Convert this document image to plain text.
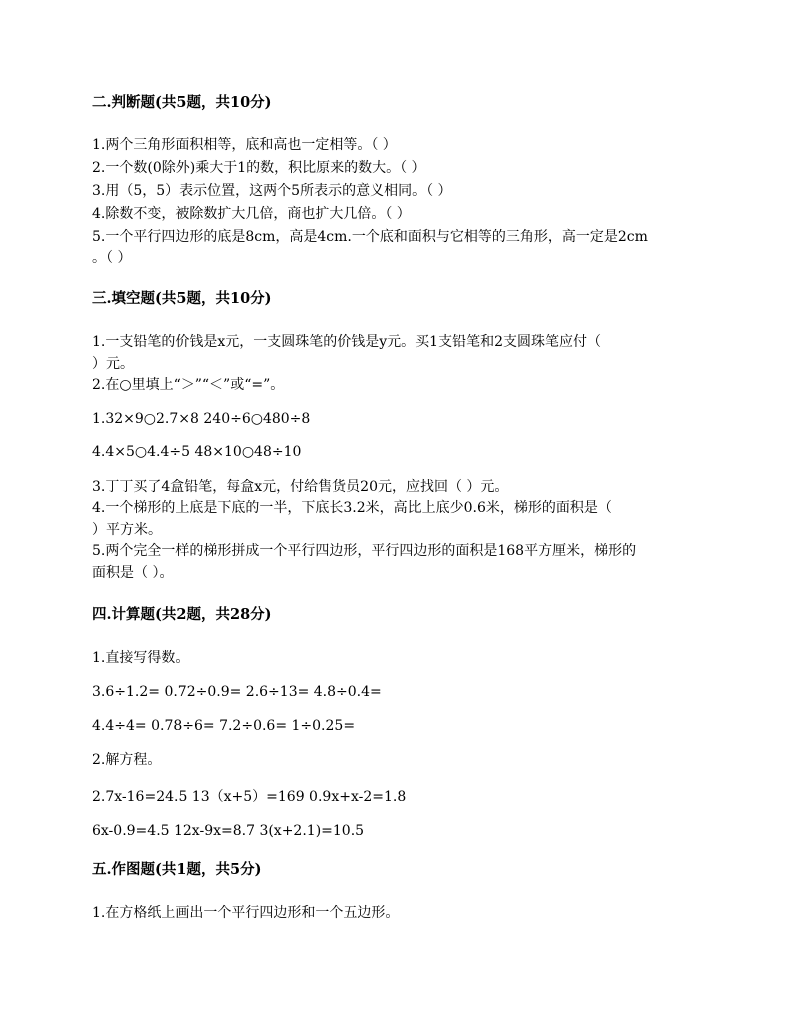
二.判断题(共5题，共10分)
1.两个三角形面积相等，底和高也一定相等。（ ）
2.一个数(0除外)乘大于1的数，积比原来的数大。（ ）
3.用（5，5）表示位置，这两个5所表示的意义相同。（ ）
4.除数不变，被除数扩大几倍，商也扩大几倍。（ ）
5.一个平行四边形的底是8cm，高是4cm.一个底和面积与它相等的三角形，高一定是2cm
。（ ）
三.填空题(共5题，共10分)
1.一支铅笔的价钱是x元，一支圆珠笔的价钱是y元。买1支铅笔和2支圆珠笔应付（
）元。
2.在○里填上“＞”“＜”或“=”。
1.32×9○2.7×8 240÷6○480÷8
4.4×5○4.4÷5 48×10○48÷10
3.丁丁买了4盒铅笔，每盒x元，付给售货员20元，应找回（ ）元。
4.一个梯形的上底是下底的一半，下底长3.2米，高比上底少0.6米，梯形的面积是（
）平方米。
5.两个完全一样的梯形拼成一个平行四边形，平行四边形的面积是168平方厘米，梯形的
面积是（ ）。
四.计算题(共2题，共28分)
1.直接写得数。
3.6÷1.2= 0.72÷0.9= 2.6÷13= 4.8÷0.4=
4.4÷4= 0.78÷6= 7.2÷0.6= 1÷0.25=
2.解方程。
2.7x-16=24.5 13（x+5）=169 0.9x+x-2=1.8
6x-0.9=4.5 12x-9x=8.7 3(x+2.1)=10.5
五.作图题(共1题，共5分)
1.在方格纸上画出一个平行四边形和一个五边形。
